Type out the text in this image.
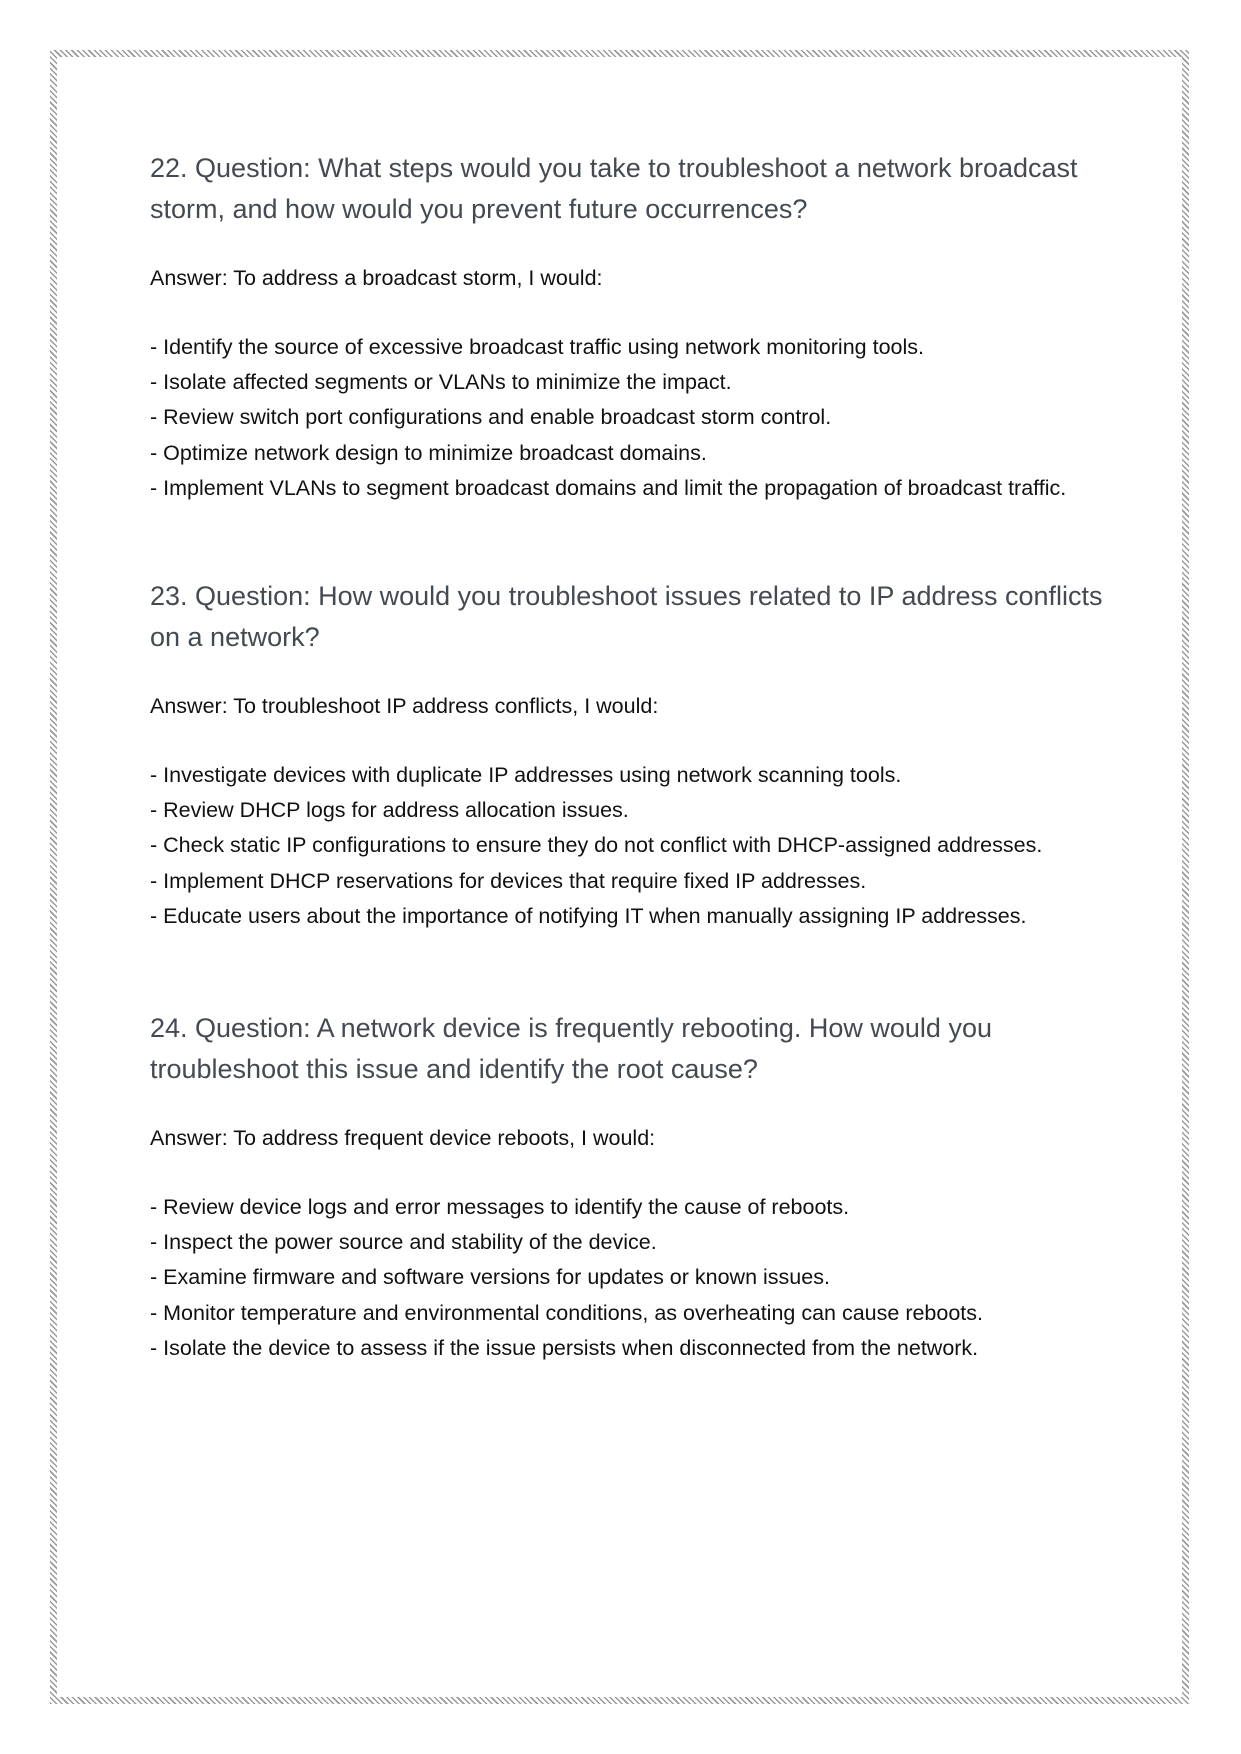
22. Question: What steps would you take to troubleshoot a network broadcast storm, and how would you prevent future occurrences?

Answer: To address a broadcast storm, I would:

- Identify the source of excessive broadcast traffic using network monitoring tools.
- Isolate affected segments or VLANs to minimize the impact.
- Review switch port configurations and enable broadcast storm control.
- Optimize network design to minimize broadcast domains.
- Implement VLANs to segment broadcast domains and limit the propagation of broadcast traffic.
23. Question: How would you troubleshoot issues related to IP address conflicts on a network?

Answer: To troubleshoot IP address conflicts, I would:

- Investigate devices with duplicate IP addresses using network scanning tools.
- Review DHCP logs for address allocation issues.
- Check static IP configurations to ensure they do not conflict with DHCP-assigned addresses.
- Implement DHCP reservations for devices that require fixed IP addresses.
- Educate users about the importance of notifying IT when manually assigning IP addresses.
24. Question: A network device is frequently rebooting. How would you troubleshoot this issue and identify the root cause?

Answer: To address frequent device reboots, I would:

- Review device logs and error messages to identify the cause of reboots.
- Inspect the power source and stability of the device.
- Examine firmware and software versions for updates or known issues.
- Monitor temperature and environmental conditions, as overheating can cause reboots.
- Isolate the device to assess if the issue persists when disconnected from the network.
